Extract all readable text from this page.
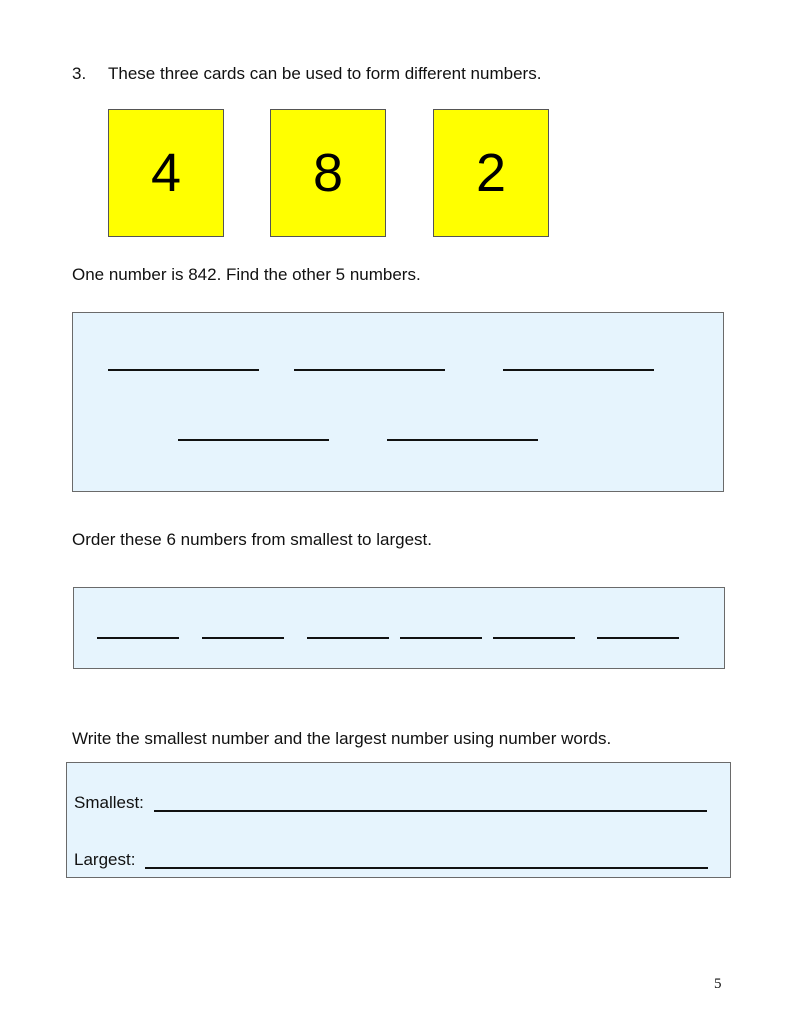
3. These three cards can be used to form different numbers.
4	8	2
One number is 842. Find the other 5 numbers.
Order these 6 numbers from smallest to largest.
Write the smallest number and the largest number using number words.
Smallest:
Largest:
5
